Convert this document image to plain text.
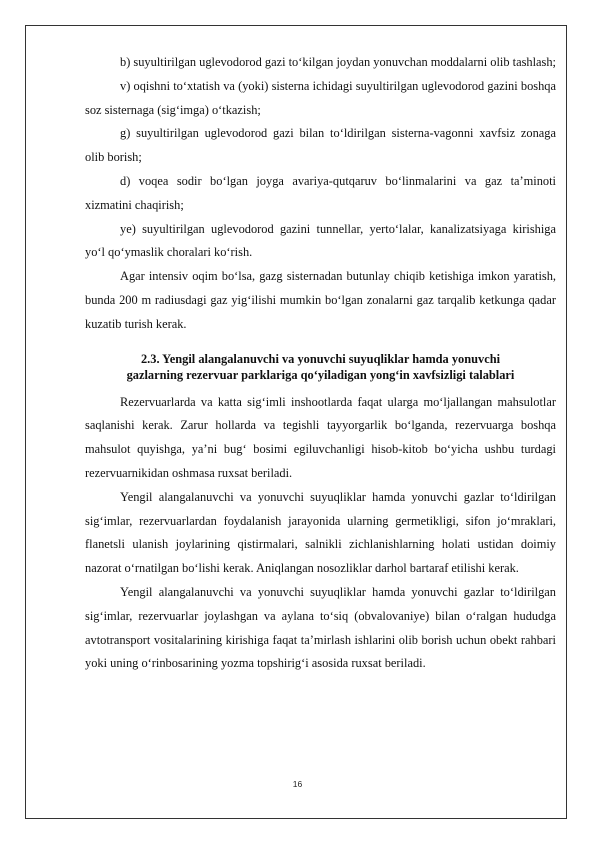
b) suyultirilgan uglevodorod gazi to‘kilgan joydan yonuvchan moddalarni olib tashlash;

v) oqishni to‘xtatish va (yoki) sisterna ichidagi suyultirilgan uglevodorod gazini boshqa soz sisternaga (sig‘imga) o‘tkazish;

g) suyultirilgan uglevodorod gazi bilan to‘ldirilgan sisterna-vagonni xavfsiz zonaga olib borish;

d) voqea sodir bo‘lgan joyga avariya-qutqaruv bo‘linmalarini va gaz ta’minoti xizmatini chaqirish;

ye) suyultirilgan uglevodorod gazini tunnellar, yerto‘lalar, kanalizatsiyaga kirishiga yo‘l qo‘ymaslik choralari ko‘rish.

Agar intensiv oqim bo‘lsa, gazg sisternadan butunlay chiqib ketishiga imkon yaratish, bunda 200 m radiusdagi gaz yig‘ilishi mumkin bo‘lgan zonalarni gaz tarqalib ketkunga qadar kuzatib turish kerak.

2.3. Yengil alangalanuvchi va yonuvchi suyuqliklar hamda yonuvchi
gazlarning rezervuar parklariga qo‘yiladigan yong‘in xavfsizligi talablari

Rezervuarlarda va katta sig‘imli inshootlarda faqat ularga mo‘ljallangan mahsulotlar saqlanishi kerak. Zarur hollarda va tegishli tayyorgarlik bo‘lganda, rezervuarga boshqa mahsulot quyishga, ya’ni bug‘ bosimi egiluvchanligi hisob-kitob bo‘yicha ushbu turdagi rezervuarnikidan oshmasa ruxsat beriladi.

Yengil alangalanuvchi va yonuvchi suyuqliklar hamda yonuvchi gazlar to‘ldirilgan sig‘imlar, rezervuarlardan foydalanish jarayonida ularning germetikligi, sifon jo‘mraklari, flanetsli ulanish joylarining qistirmalari, salnikli zichlanishlarning holati ustidan doimiy nazorat o‘rnatilgan bo‘lishi kerak. Aniqlangan nosozliklar darhol bartaraf etilishi kerak.

Yengil alangalanuvchi va yonuvchi suyuqliklar hamda yonuvchi gazlar to‘ldirilgan sig‘imlar, rezervuarlar joylashgan va aylana to‘siq (obvalovaniye) bilan o‘ralgan hududga avtotransport vositalarining kirishiga faqat ta’mirlash ishlarini olib borish uchun obekt rahbari yoki uning o‘rinbosarining yozma topshirig‘i asosida ruxsat beriladi.

16
